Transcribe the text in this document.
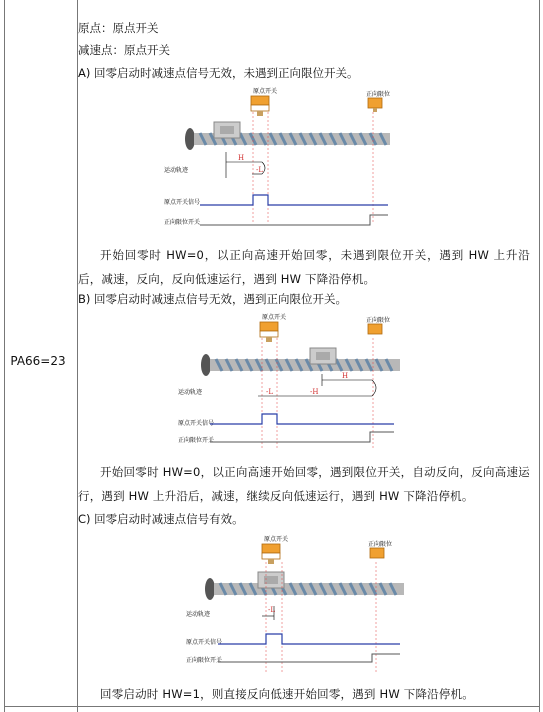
PA66=23
原点：原点开关
减速点：原点开关
A) 回零启动时减速点信号无效，未遇到正向限位开关。
原点开关	正向限位
运动轨迹
H
-L
原点开关信号
正向限位开关
开始回零时 HW=0，以正向高速开始回零，未遇到限位开关，遇到 HW 上升沿后，减速，反向，反向低速运行，遇到 HW 下降沿停机。
B) 回零启动时减速点信号无效，遇到正向限位开关。
原点开关	正向限位
运动轨迹
H
-H
-L
原点开关信号
正向限位开关
开始回零时 HW=0，以正向高速开始回零，遇到限位开关，自动反向，反向高速运行，遇到 HW 上升沿后，减速，继续反向低速运行，遇到 HW 下降沿停机。
C) 回零启动时减速点信号有效。
原点开关
正向限位
运动轨迹
-L
原点开关信号
正向限位开关
回零启动时 HW=1，则直接反向低速开始回零，遇到 HW 下降沿停机。
